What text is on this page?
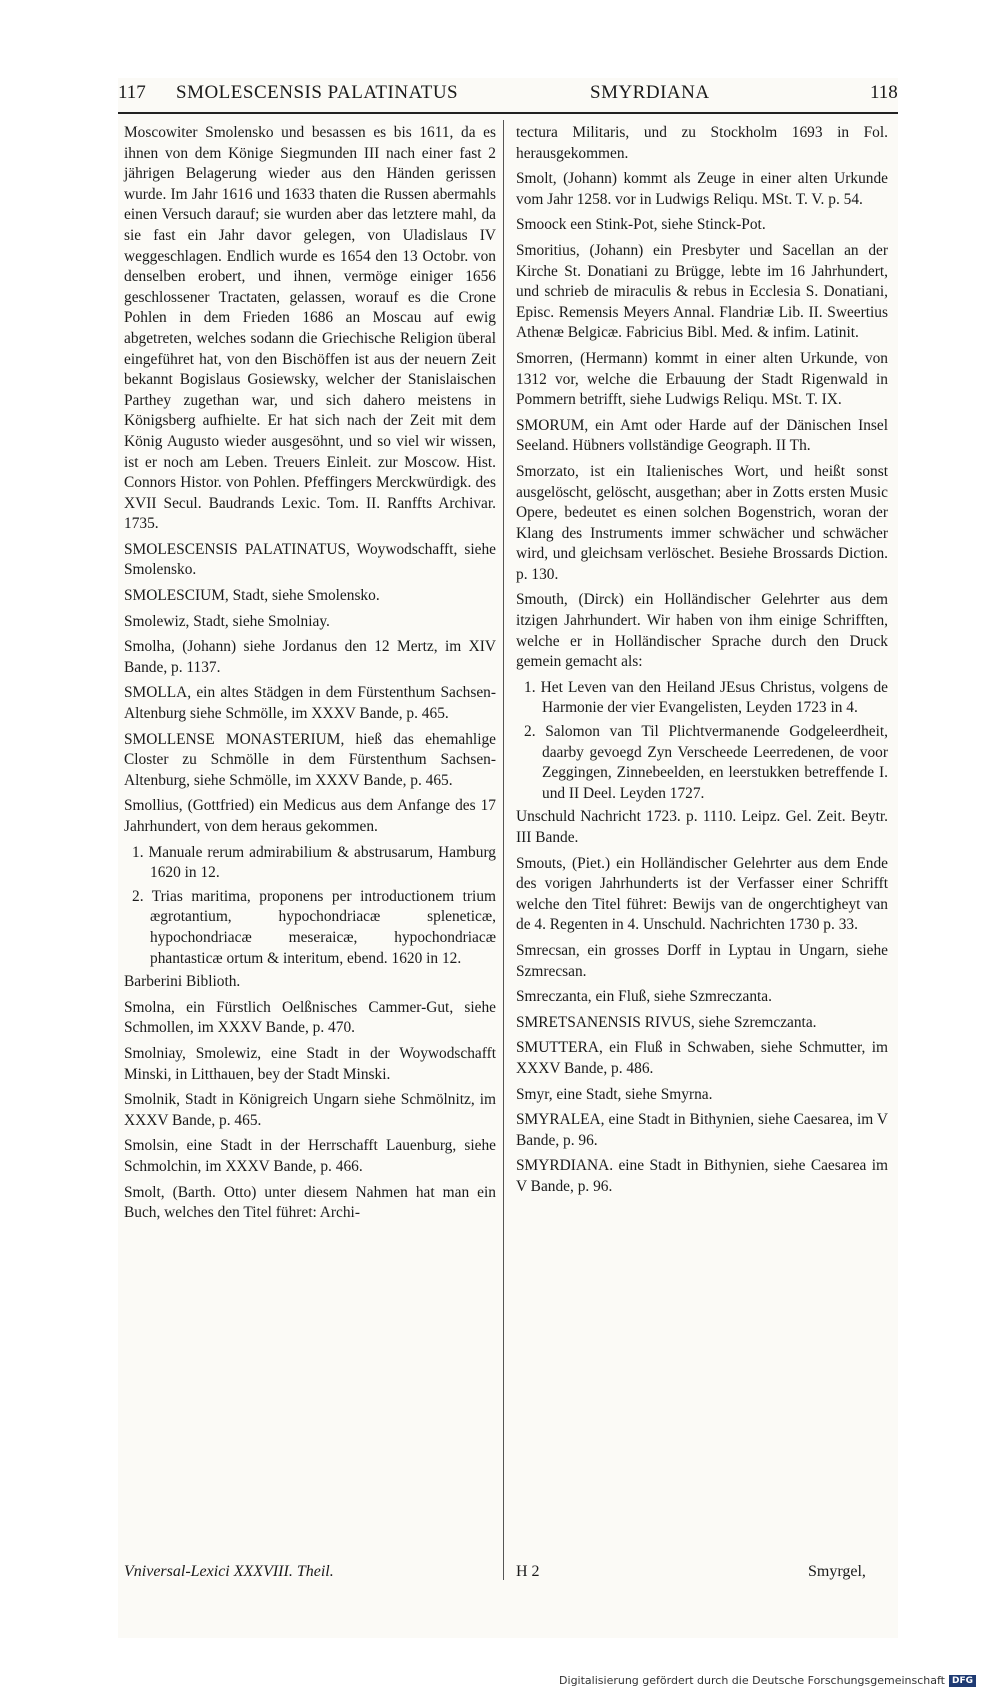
117 SMOLESCENSIS PALATINATUS	SMYRDIANA	118

Moscowiter Smolensko und besassen es bis 1611, da es ihnen von dem Könige Siegmunden III nach einer fast 2 jährigen Belagerung wieder aus den Händen gerissen wurde. Im Jahr 1616 und 1633 thaten die Russen abermahls einen Versuch darauf; sie wurden aber das letztere mahl, da sie fast ein Jahr davor gelegen, von Uladislaus IV weggeschlagen. Endlich wurde es 1654 den 13 Octobr. von denselben erobert, und ihnen, vermöge einiger 1656 geschlossener Tractaten, gelassen, worauf es die Crone Pohlen in dem Frieden 1686 an Moscau auf ewig abgetreten, welches sodann die Griechische Religion überal eingeführet hat, von den Bischöffen ist aus der neuern Zeit bekannt Bogislaus Gosiewsky, welcher der Stanislaischen Parthey zugethan war, und sich dahero meistens in Königsberg aufhielte. Er hat sich nach der Zeit mit dem König Augusto wieder ausgesöhnt, und so viel wir wissen, ist er noch am Leben. Treuers Einleit. zur Moscow. Hist. Connors Histor. von Pohlen. Pfeffingers Merckwürdigk. des XVII Secul. Baudrands Lexic. Tom. II. Ranffts Archivar. 1735.

SMOLESCENSIS PALATINATUS, Woywodschafft, siehe Smolensko.

SMOLESCIUM, Stadt, siehe Smolensko.

Smolewiz, Stadt, siehe Smolniay.

Smolha, (Johann) siehe Jordanus den 12 Mertz, im XIV Bande, p. 1137.

SMOLLA, ein altes Städgen in dem Fürstenthum Sachsen-Altenburg siehe Schmölle, im XXXV Bande, p. 465.

SMOLLENSE MONASTERIUM, hieß das ehemahlige Closter zu Schmölle in dem Fürstenthum Sachsen-Altenburg, siehe Schmölle, im XXXV Bande, p. 465.

Smollius, (Gottfried) ein Medicus aus dem Anfange des 17 Jahrhundert, von dem heraus gekommen.

1. Manuale rerum admirabilium & abstrusarum, Hamburg 1620 in 12.

2. Trias maritima, proponens per introductionem trium ægrotantium, hypochondriacæ spleneticæ, hypochondriacæ meseraicæ, hypochondriacæ phantasticæ ortum & interitum, ebend. 1620 in 12.

Barberini Biblioth.

Smolna, ein Fürstlich Oelßnisches Cammer-Gut, siehe Schmollen, im XXXV Bande, p. 470.

Smolniay, Smolewiz, eine Stadt in der Woywodschafft Minski, in Litthauen, bey der Stadt Minski.

Smolnik, Stadt in Königreich Ungarn siehe Schmölnitz, im XXXV Bande, p. 465.

Smolsin, eine Stadt in der Herrschafft Lauenburg, siehe Schmolchin, im XXXV Bande, p. 466.

Smolt, (Barth. Otto) unter diesem Nahmen hat man ein Buch, welches den Titel führet: Archi-

tectura Militaris, und zu Stockholm 1693 in Fol. herausgekommen.

Smolt, (Johann) kommt als Zeuge in einer alten Urkunde vom Jahr 1258. vor in Ludwigs Reliqu. MSt. T. V. p. 54.

Smoock een Stink-Pot, siehe Stinck-Pot.

Smoritius, (Johann) ein Presbyter und Sacellan an der Kirche St. Donatiani zu Brügge, lebte im 16 Jahrhundert, und schrieb de miraculis & rebus in Ecclesia S. Donatiani, Episc. Remensis Meyers Annal. Flandriæ Lib. II. Sweertius Athenæ Belgicæ. Fabricius Bibl. Med. & infim. Latinit.

Smorren, (Hermann) kommt in einer alten Urkunde, von 1312 vor, welche die Erbauung der Stadt Rigenwald in Pommern betrifft, siehe Ludwigs Reliqu. MSt. T. IX.

SMORUM, ein Amt oder Harde auf der Dänischen Insel Seeland. Hübners vollständige Geograph. II Th.

Smorzato, ist ein Italienisches Wort, und heißt sonst ausgelöscht, gelöscht, ausgethan; aber in Zotts ersten Music Opere, bedeutet es einen solchen Bogenstrich, woran der Klang des Instruments immer schwächer und schwächer wird, und gleichsam verlöschet. Besiehe Brossards Diction. p. 130.

Smouth, (Dirck) ein Holländischer Gelehrter aus dem itzigen Jahrhundert. Wir haben von ihm einige Schrifften, welche er in Holländischer Sprache durch den Druck gemein gemacht als:

1. Het Leven van den Heiland JEsus Christus, volgens de Harmonie der vier Evangelisten, Leyden 1723 in 4.

2. Salomon van Til Plichtvermanende Godgeleerdheit, daarby gevoegd Zyn Verscheede Leerredenen, de voor Zeggingen, Zinnebeelden, en leerstukken betreffende I. und II Deel. Leyden 1727.

Unschuld Nachricht 1723. p. 1110. Leipz. Gel. Zeit. Beytr. III Bande.

Smouts, (Piet.) ein Holländischer Gelehrter aus dem Ende des vorigen Jahrhunderts ist der Verfasser einer Schrifft welche den Titel führet: Bewijs van de ongerchtigheyt van de 4. Regenten in 4. Unschuld. Nachrichten 1730 p. 33.

Smrecsan, ein grosses Dorff in Lyptau in Ungarn, siehe Szmrecsan.

Smreczanta, ein Fluß, siehe Szmreczanta.

SMRETSANENSIS RIVUS, siehe Szremczanta.

SMUTTERA, ein Fluß in Schwaben, siehe Schmutter, im XXXV Bande, p. 486.

Smyr, eine Stadt, siehe Smyrna.

SMYRALEA, eine Stadt in Bithynien, siehe Caesarea, im V Bande, p. 96.

SMYRDIANA. eine Stadt in Bithynien, siehe Caesarea im V Bande, p. 96.

Vniversal-Lexici XXXVIII. Theil.	H 2	Smyrgel,
Digitalisierung gefördert durch die Deutsche Forschungsgemeinschaft DFG
